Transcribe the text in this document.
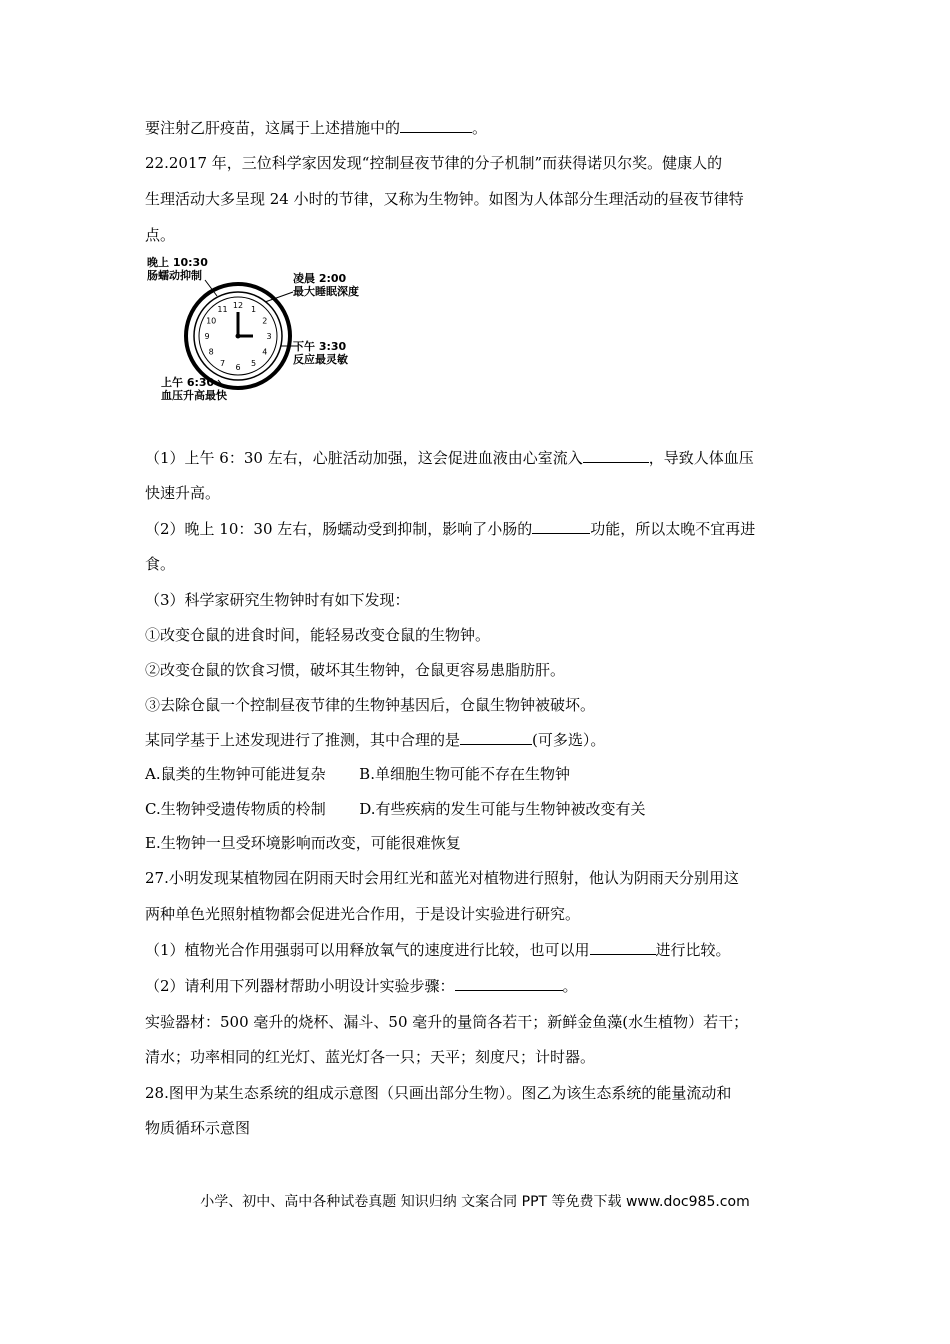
要注射乙肝疫苗，这属于上述措施中的	。
22.2017 年，三位科学家因发现“控制昼夜节律的分子机制”而获得诺贝尔奖。健康人的
生理活动大多呈现 24 小时的节律，又称为生物钟。如图为人体部分生理活动的昼夜节律特
点。
12 1
2
3
4
5
6
7
8
9
10
11
晚上 10:30
肠蠕动抑制	凌晨 2:00
最大睡眠深度
下午 3:30
反应最灵敏
上午 6:30
血压升高最快
（1）上午 6：30 左右，心脏活动加强，这会促进血液由心室流入	，导致人体血压
快速升高。
（2）晚上 10：30 左右，肠蠕动受到抑制，影响了小肠的	功能，所以太晚不宜再进
食。
（3）科学家研究生物钟时有如下发现：
①改变仓鼠的进食时间，能轻易改变仓鼠的生物钟。
②改变仓鼠的饮食习惯，破坏其生物钟，仓鼠更容易患脂肪肝。
③去除仓鼠一个控制昼夜节律的生物钟基因后，仓鼠生物钟被破坏。
某同学基于上述发现进行了推测，其中合理的是	(可多选）。
A.鼠类的生物钟可能进复杂 B.单细胞生物可能不存在生物钟
C.生物钟受遗传物质的柃制 D.有些疾病的发生可能与生物钟被改变有关
E.生物钟一旦受环境影响而改变，可能很难恢复
27.小明发现某植物园在阴雨天时会用红光和蓝光对植物进行照射，他认为阴雨天分别用这
两种单色光照射植物都会促进光合作用，于是设计实验进行研究。
（1）植物光合作用强弱可以用释放氧气的速度进行比较，也可以用	进行比较。
（2）请利用下列器材帮助小明设计实验步骤：	。
实验器材：500 毫升的烧杯、漏斗、50 毫升的量筒各若干；新鲜金鱼藻(水生植物）若干；
清水；功率相同的红光灯、蓝光灯各一只；天平；刻度尺；计时器。
28.图甲为某生态系统的组成示意图（只画出部分生物）。图乙为该生态系统的能量流动和
物质循环示意图
小学、初中、高中各种试卷真题 知识归纳 文案合同 PPT 等免费下载 www.doc985.com
